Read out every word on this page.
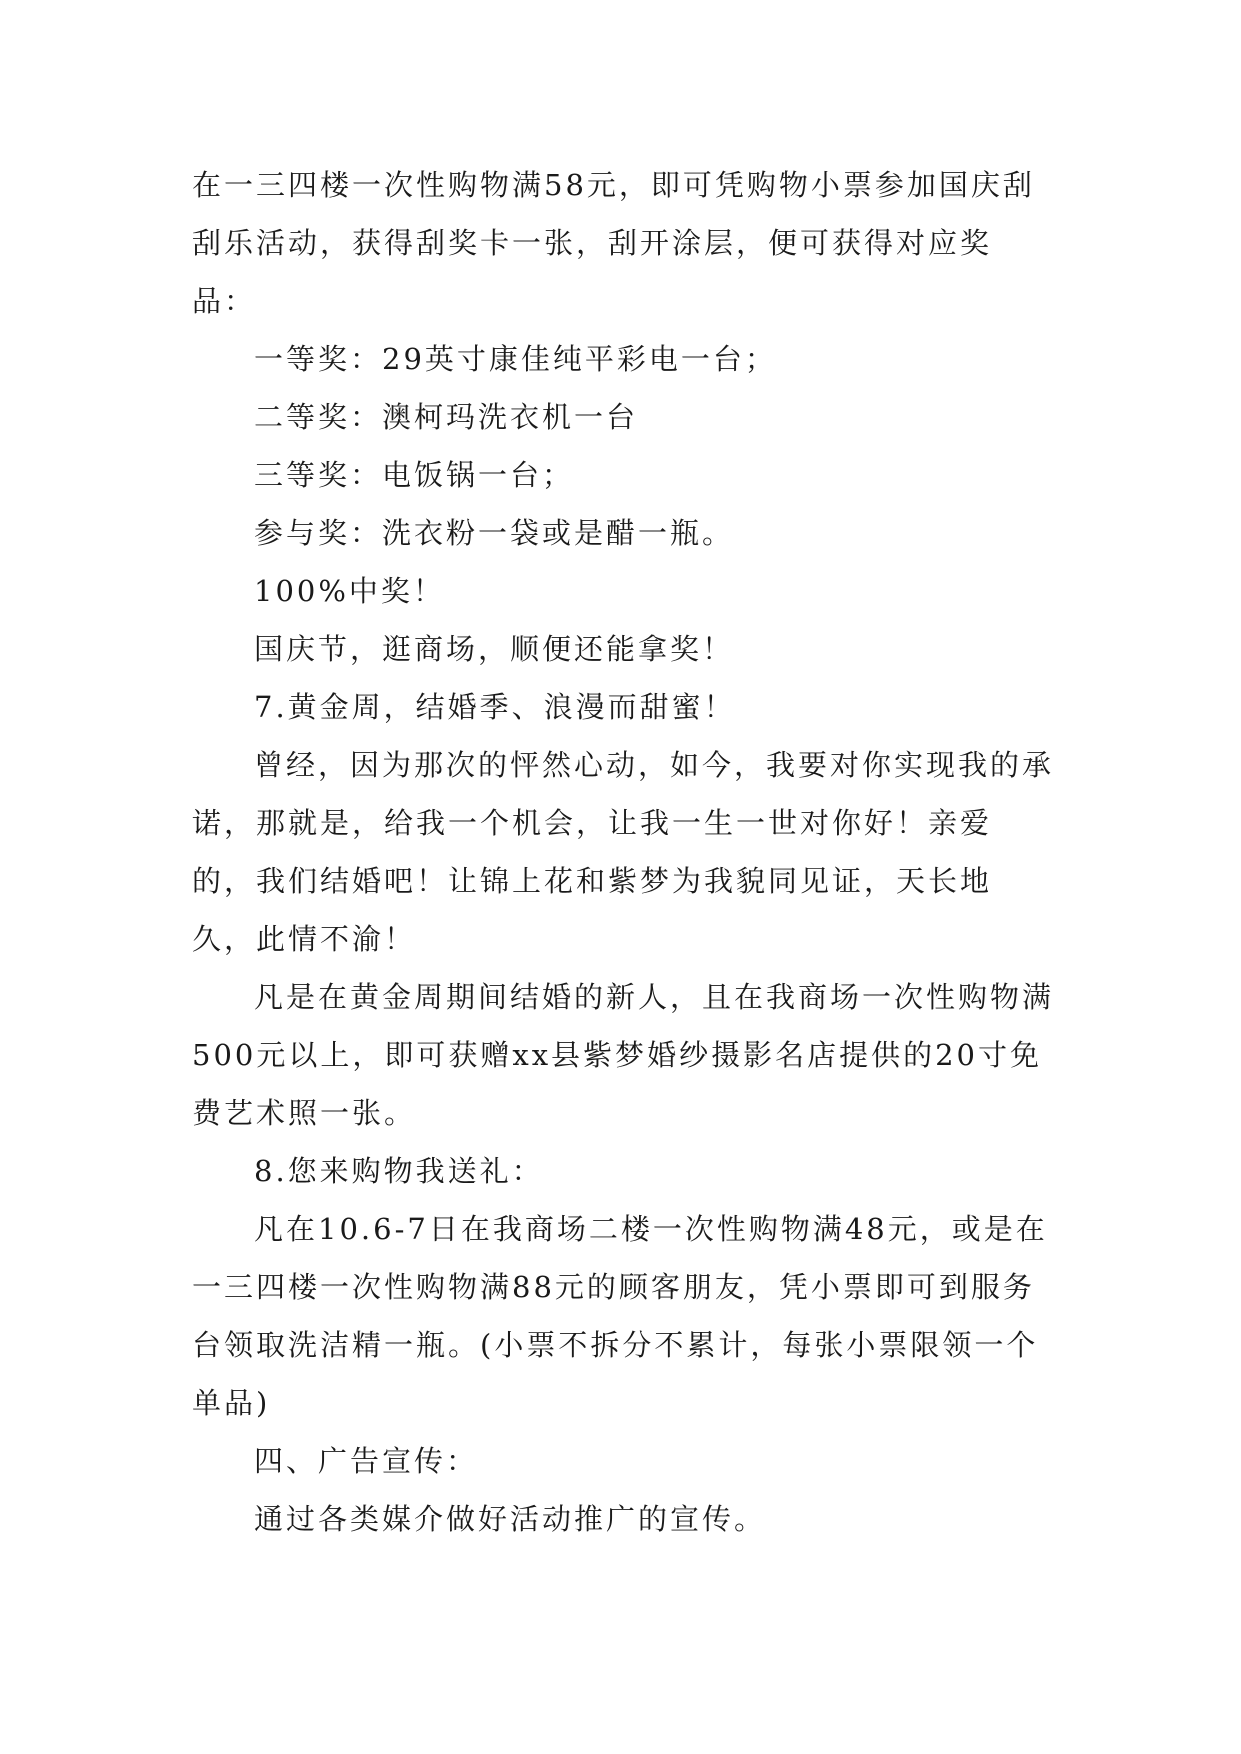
在一三四楼一次性购物满58元，即可凭购物小票参加国庆刮刮乐活动，获得刮奖卡一张，刮开涂层，便可获得对应奖品：

一等奖：29英寸康佳纯平彩电一台；

二等奖：澳柯玛洗衣机一台

三等奖：电饭锅一台；

参与奖：洗衣粉一袋或是醋一瓶。

100%中奖！

国庆节，逛商场，顺便还能拿奖！

7.黄金周，结婚季、浪漫而甜蜜！

曾经，因为那次的怦然心动，如今，我要对你实现我的承诺，那就是，给我一个机会，让我一生一世对你好！亲爱的，我们结婚吧！让锦上花和紫梦为我貌同见证，天长地久，此情不渝！

凡是在黄金周期间结婚的新人，且在我商场一次性购物满500元以上，即可获赠xx县紫梦婚纱摄影名店提供的20寸免费艺术照一张。

8.您来购物我送礼：

凡在10.6-7日在我商场二楼一次性购物满48元，或是在一三四楼一次性购物满88元的顾客朋友，凭小票即可到服务台领取洗洁精一瓶。(小票不拆分不累计，每张小票限领一个单品)

四、广告宣传：

通过各类媒介做好活动推广的宣传。
